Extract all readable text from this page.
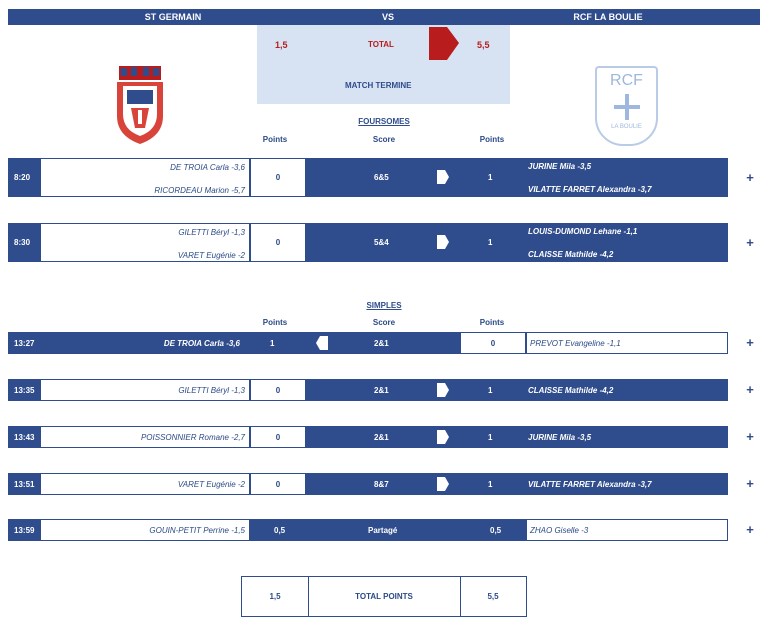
ST GERMAIN	VS	RCF LA BOULIE
1,5	TOTAL	5,5
MATCH TERMINE	RCF
LA BOULIE
FOURSOMES
Points	Score	Points
8:20
DE TROIA Carla -3,6
RICORDEAU Marion -5,7
0	6&5	1
JURINE Mila -3,5
VILATTE FARRET Alexandra -3,7
+
8:30
GILETTI Béryl -1,3
VARET Eugénie -2
0	5&4	1
LOUIS-DUMOND Lehane -1,1
CLAISSE Mathilde -4,2
+
SIMPLES
Points	Score	Points
13:27	DE TROIA Carla -3,6	1	2&1	0	PREVOT Evangeline -1,1	+
13:35	GILETTI Béryl -1,3	0	2&1	1	CLAISSE Mathilde -4,2	+
13:43	POISSONNIER Romane -2,7	0	2&1	1	JURINE Mila -3,5	+
13:51	VARET Eugénie -2	0	8&7	1	VILATTE FARRET Alexandra -3,7	+
13:59	GOUIN-PETIT Perrine -1,5	0,5	Partagé	0,5	ZHAO Giselle -3	+
1,5	TOTAL POINTS	5,5
